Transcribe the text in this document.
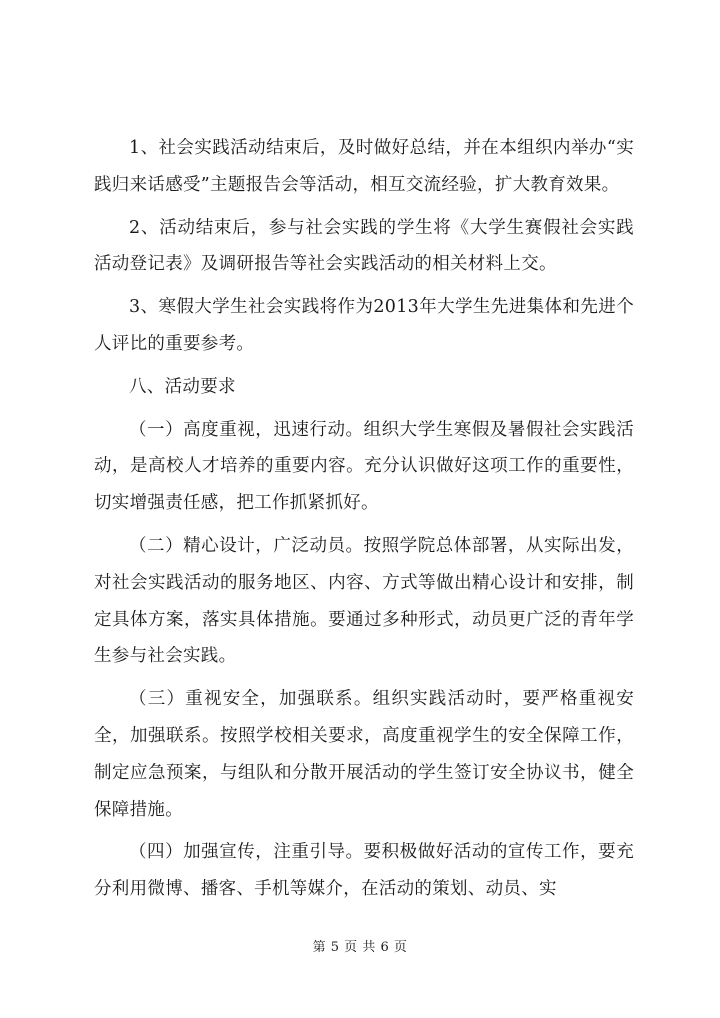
1、社会实践活动结束后，及时做好总结，并在本组织内举办“实践归来话感受”主题报告会等活动，相互交流经验，扩大教育效果。

2、活动结束后，参与社会实践的学生将《大学生赛假社会实践活动登记表》及调研报告等社会实践活动的相关材料上交。

3、寒假大学生社会实践将作为2013年大学生先进集体和先进个人评比的重要参考。

八、活动要求

（一）高度重视，迅速行动。组织大学生寒假及暑假社会实践活动，是高校人才培养的重要内容。充分认识做好这项工作的重要性，切实增强责任感，把工作抓紧抓好。

（二）精心设计，广泛动员。按照学院总体部署，从实际出发，对社会实践活动的服务地区、内容、方式等做出精心设计和安排，制定具体方案，落实具体措施。要通过多种形式，动员更广泛的青年学生参与社会实践。

（三）重视安全，加强联系。组织实践活动时，要严格重视安全，加强联系。按照学校相关要求，高度重视学生的安全保障工作，制定应急预案，与组队和分散开展活动的学生签订安全协议书，健全保障措施。

（四）加强宣传，注重引导。要积极做好活动的宣传工作，要充分利用微博、播客、手机等媒介，在活动的策划、动员、实

第 5 页 共 6 页
